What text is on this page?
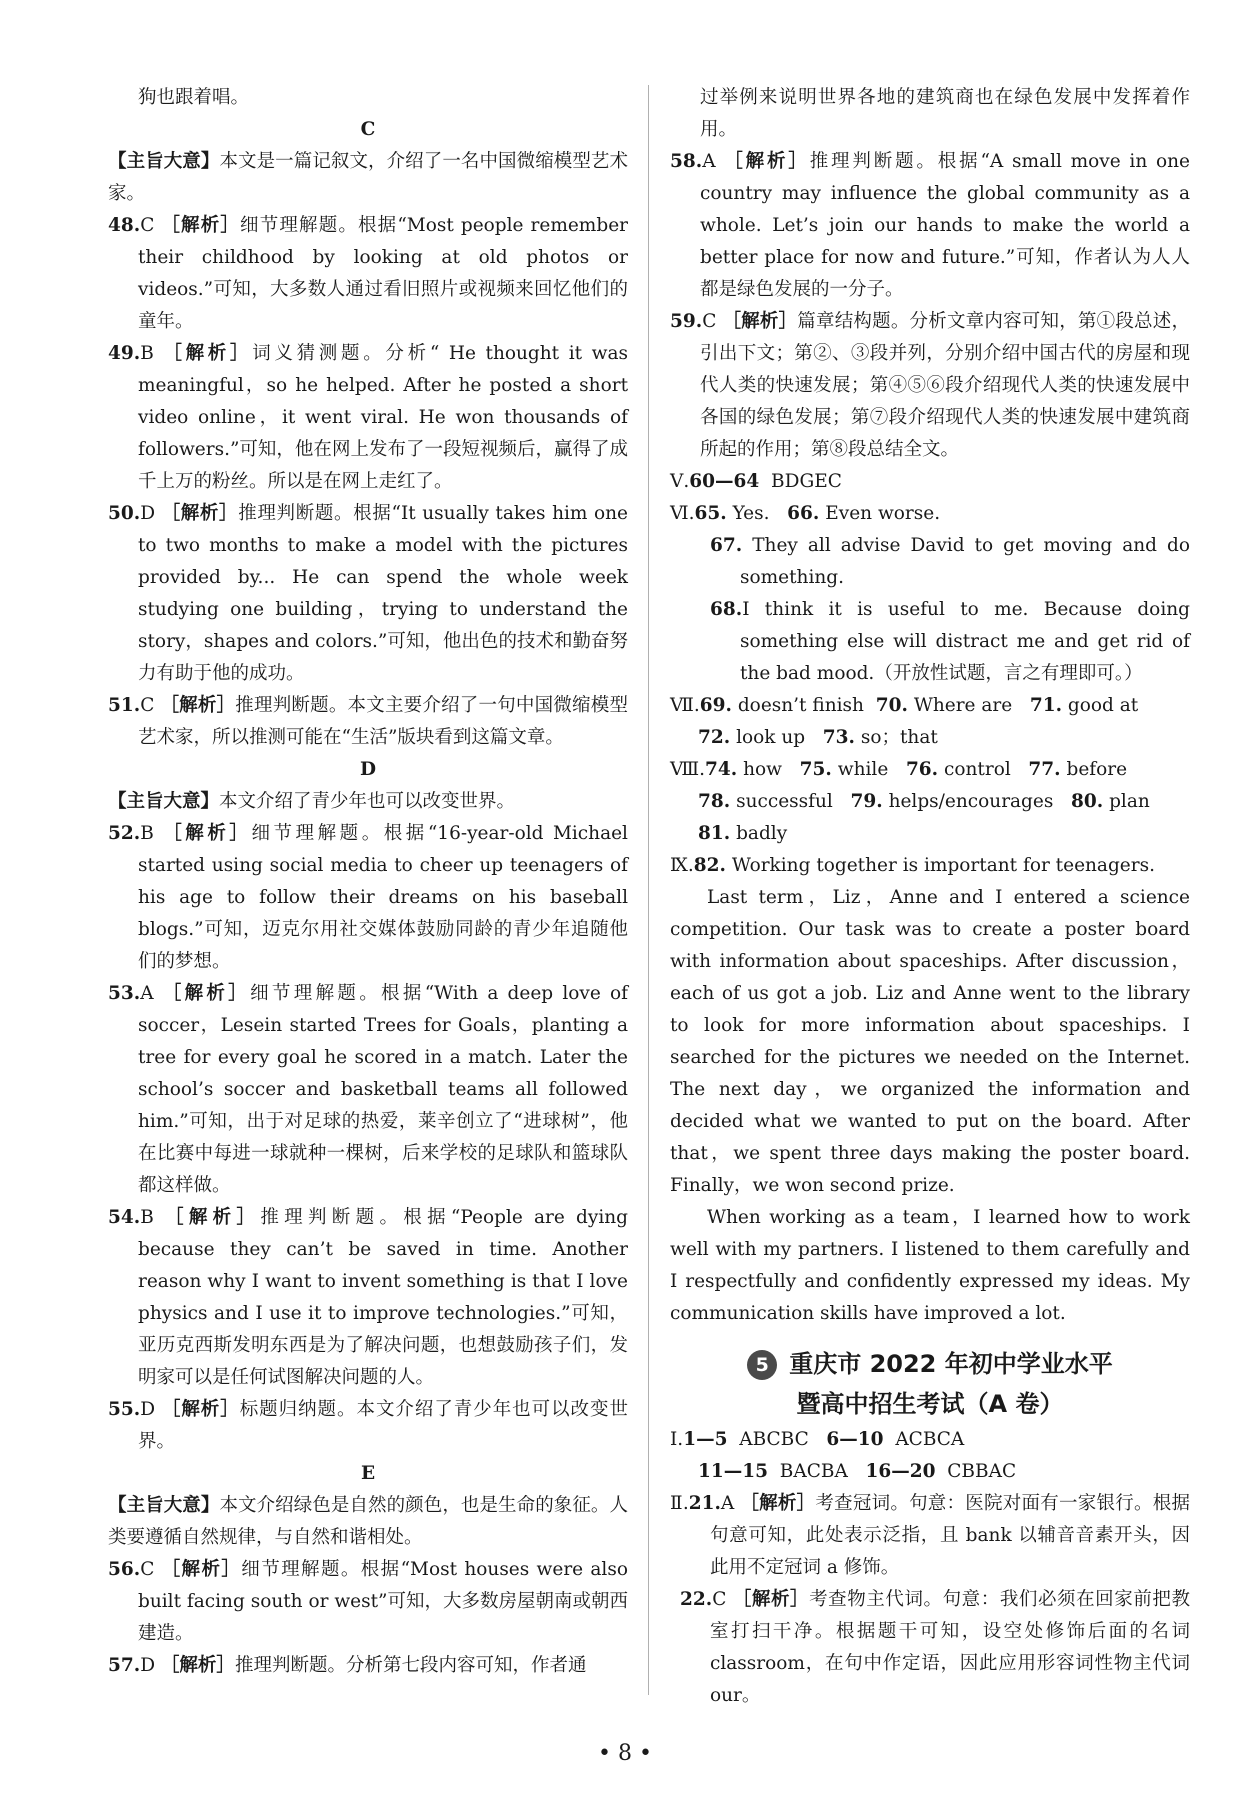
狗也跟着唱。

C

【主旨大意】本文是一篇记叙文，介绍了一名中国微缩模型艺术家。

48.C ［解析］细节理解题。根据“Most people remember their childhood by looking at old photos or videos.”可知，大多数人通过看旧照片或视频来回忆他们的童年。

49.B ［解析］词义猜测题。分析“ He thought it was meaningful，so he helped. After he posted a short video online，it went viral. He won thousands of followers.”可知，他在网上发布了一段短视频后，赢得了成千上万的粉丝。所以是在网上走红了。

50.D ［解析］推理判断题。根据“It usually takes him one to two months to make a model with the pictures provided by... He can spend the whole week studying one building，trying to understand the story，shapes and colors.”可知，他出色的技术和勤奋努力有助于他的成功。

51.C ［解析］推理判断题。本文主要介绍了一句中国微缩模型艺术家，所以推测可能在“生活”版块看到这篇文章。

D

【主旨大意】本文介绍了青少年也可以改变世界。

52.B ［解析］细节理解题。根据“16-year-old Michael started using social media to cheer up teenagers of his age to follow their dreams on his baseball blogs.”可知，迈克尔用社交媒体鼓励同龄的青少年追随他们的梦想。

53.A ［解析］细节理解题。根据“With a deep love of soccer，Lesein started Trees for Goals，planting a tree for every goal he scored in a match. Later the school’s soccer and basketball teams all followed him.”可知，出于对足球的热爱，莱辛创立了“进球树”，他在比赛中每进一球就种一棵树，后来学校的足球队和篮球队都这样做。

54.B ［解析］推理判断题。根据“People are dying because they can’t be saved in time. Another reason why I want to invent something is that I love physics and I use it to improve technologies.”可知，亚历克西斯发明东西是为了解决问题，也想鼓励孩子们，发明家可以是任何试图解决问题的人。

55.D ［解析］标题归纳题。本文介绍了青少年也可以改变世界。

E

【主旨大意】本文介绍绿色是自然的颜色，也是生命的象征。人类要遵循自然规律，与自然和谐相处。

56.C ［解析］细节理解题。根据“Most houses were also built facing south or west”可知，大多数房屋朝南或朝西建造。

57.D ［解析］推理判断题。分析第七段内容可知，作者通

过举例来说明世界各地的建筑商也在绿色发展中发挥着作用。

58.A ［解析］推理判断题。根据“A small move in one country may influence the global community as a whole. Let’s join our hands to make the world a better place for now and future.”可知，作者认为人人都是绿色发展的一分子。

59.C ［解析］篇章结构题。分析文章内容可知，第①段总述，引出下文；第②、③段并列，分别介绍中国古代的房屋和现代人类的快速发展；第④⑤⑥段介绍现代人类的快速发展中各国的绿色发展；第⑦段介绍现代人类的快速发展中建筑商所起的作用；第⑧段总结全文。

Ⅴ.60—64 BDGEC

Ⅵ.65. Yes. 66. Even worse.

67. They all advise David to get moving and do something.

68.I think it is useful to me. Because doing something else will distract me and get rid of the bad mood.（开放性试题，言之有理即可。）

Ⅶ.69. doesn’t finish 70. Where are 71. good at

72. look up 73. so；that

Ⅷ.74. how 75. while 76. control 77. before

78. successful 79. helps/encourages 80. plan

81. badly

Ⅸ.82. Working together is important for teenagers.

Last term，Liz，Anne and I entered a science competition. Our task was to create a poster board with information about spaceships. After discussion，each of us got a job. Liz and Anne went to the library to look for more information about spaceships. I searched for the pictures we needed on the Internet. The next day，we organized the information and decided what we wanted to put on the board. After that，we spent three days making the poster board. Finally，we won second prize.

When working as a team，I learned how to work well with my partners. I listened to them carefully and I respectfully and confidently expressed my ideas. My communication skills have improved a lot.

5 重庆市 2022 年初中学业水平
暨高中招生考试（A 卷）

Ⅰ.1—5 ABCBC 6—10 ACBCA

11—15 BACBA 16—20 CBBAC

Ⅱ.21.A ［解析］考查冠词。句意：医院对面有一家银行。根据句意可知，此处表示泛指，且 bank 以辅音音素开头，因此用不定冠词 a 修饰。

22.C ［解析］考查物主代词。句意：我们必须在回家前把教室打扫干净。根据题干可知，设空处修饰后面的名词 classroom，在句中作定语，因此应用形容词性物主代词 our。

• 8 •
